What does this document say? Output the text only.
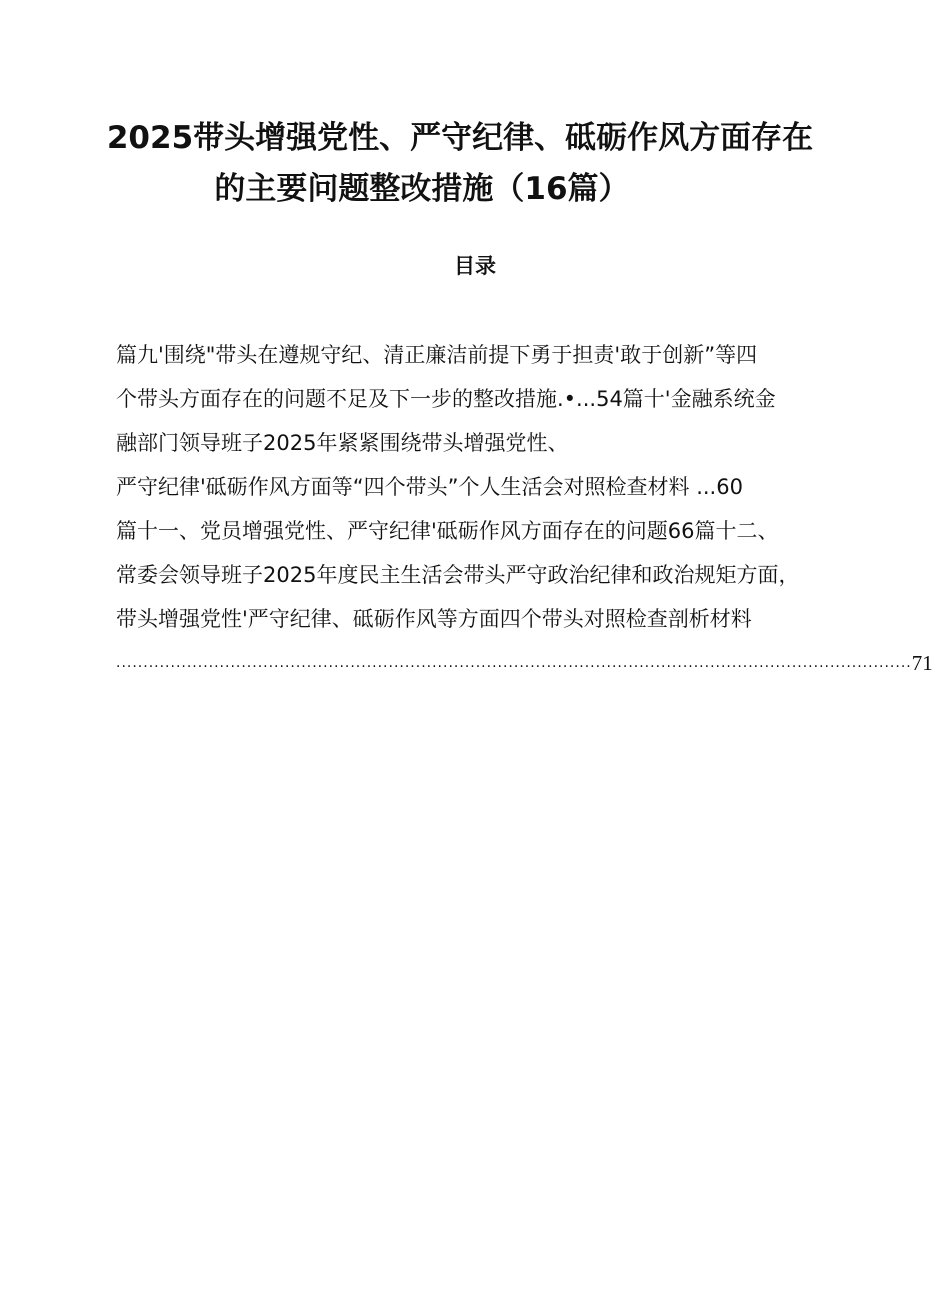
2025带头增强党性、严守纪律、砥砺作风方面存在
的主要问题整改措施（16篇）
目录

篇九'围绕"带头在遵规守纪、清正廉洁前提下勇于担责'敢于创新”等四

个带头方面存在的问题不足及下一步的整改措施.•...54篇十'金融系统金

融部门领导班子2025年紧紧围绕带头增强党性、

严守纪律'砥砺作风方面等“四个带头”个人生活会对照检查材料 ...60

篇十一、党员增强党性、严守纪律'砥砺作风方面存在的问题66篇十二、

常委会领导班子2025年度民主生活会带头严守政治纪律和政治规矩方面，

带头增强党性'严守纪律、砥砺作风等方面四个带头对照检查剖析材料

.................................................................................................................................................. 71
